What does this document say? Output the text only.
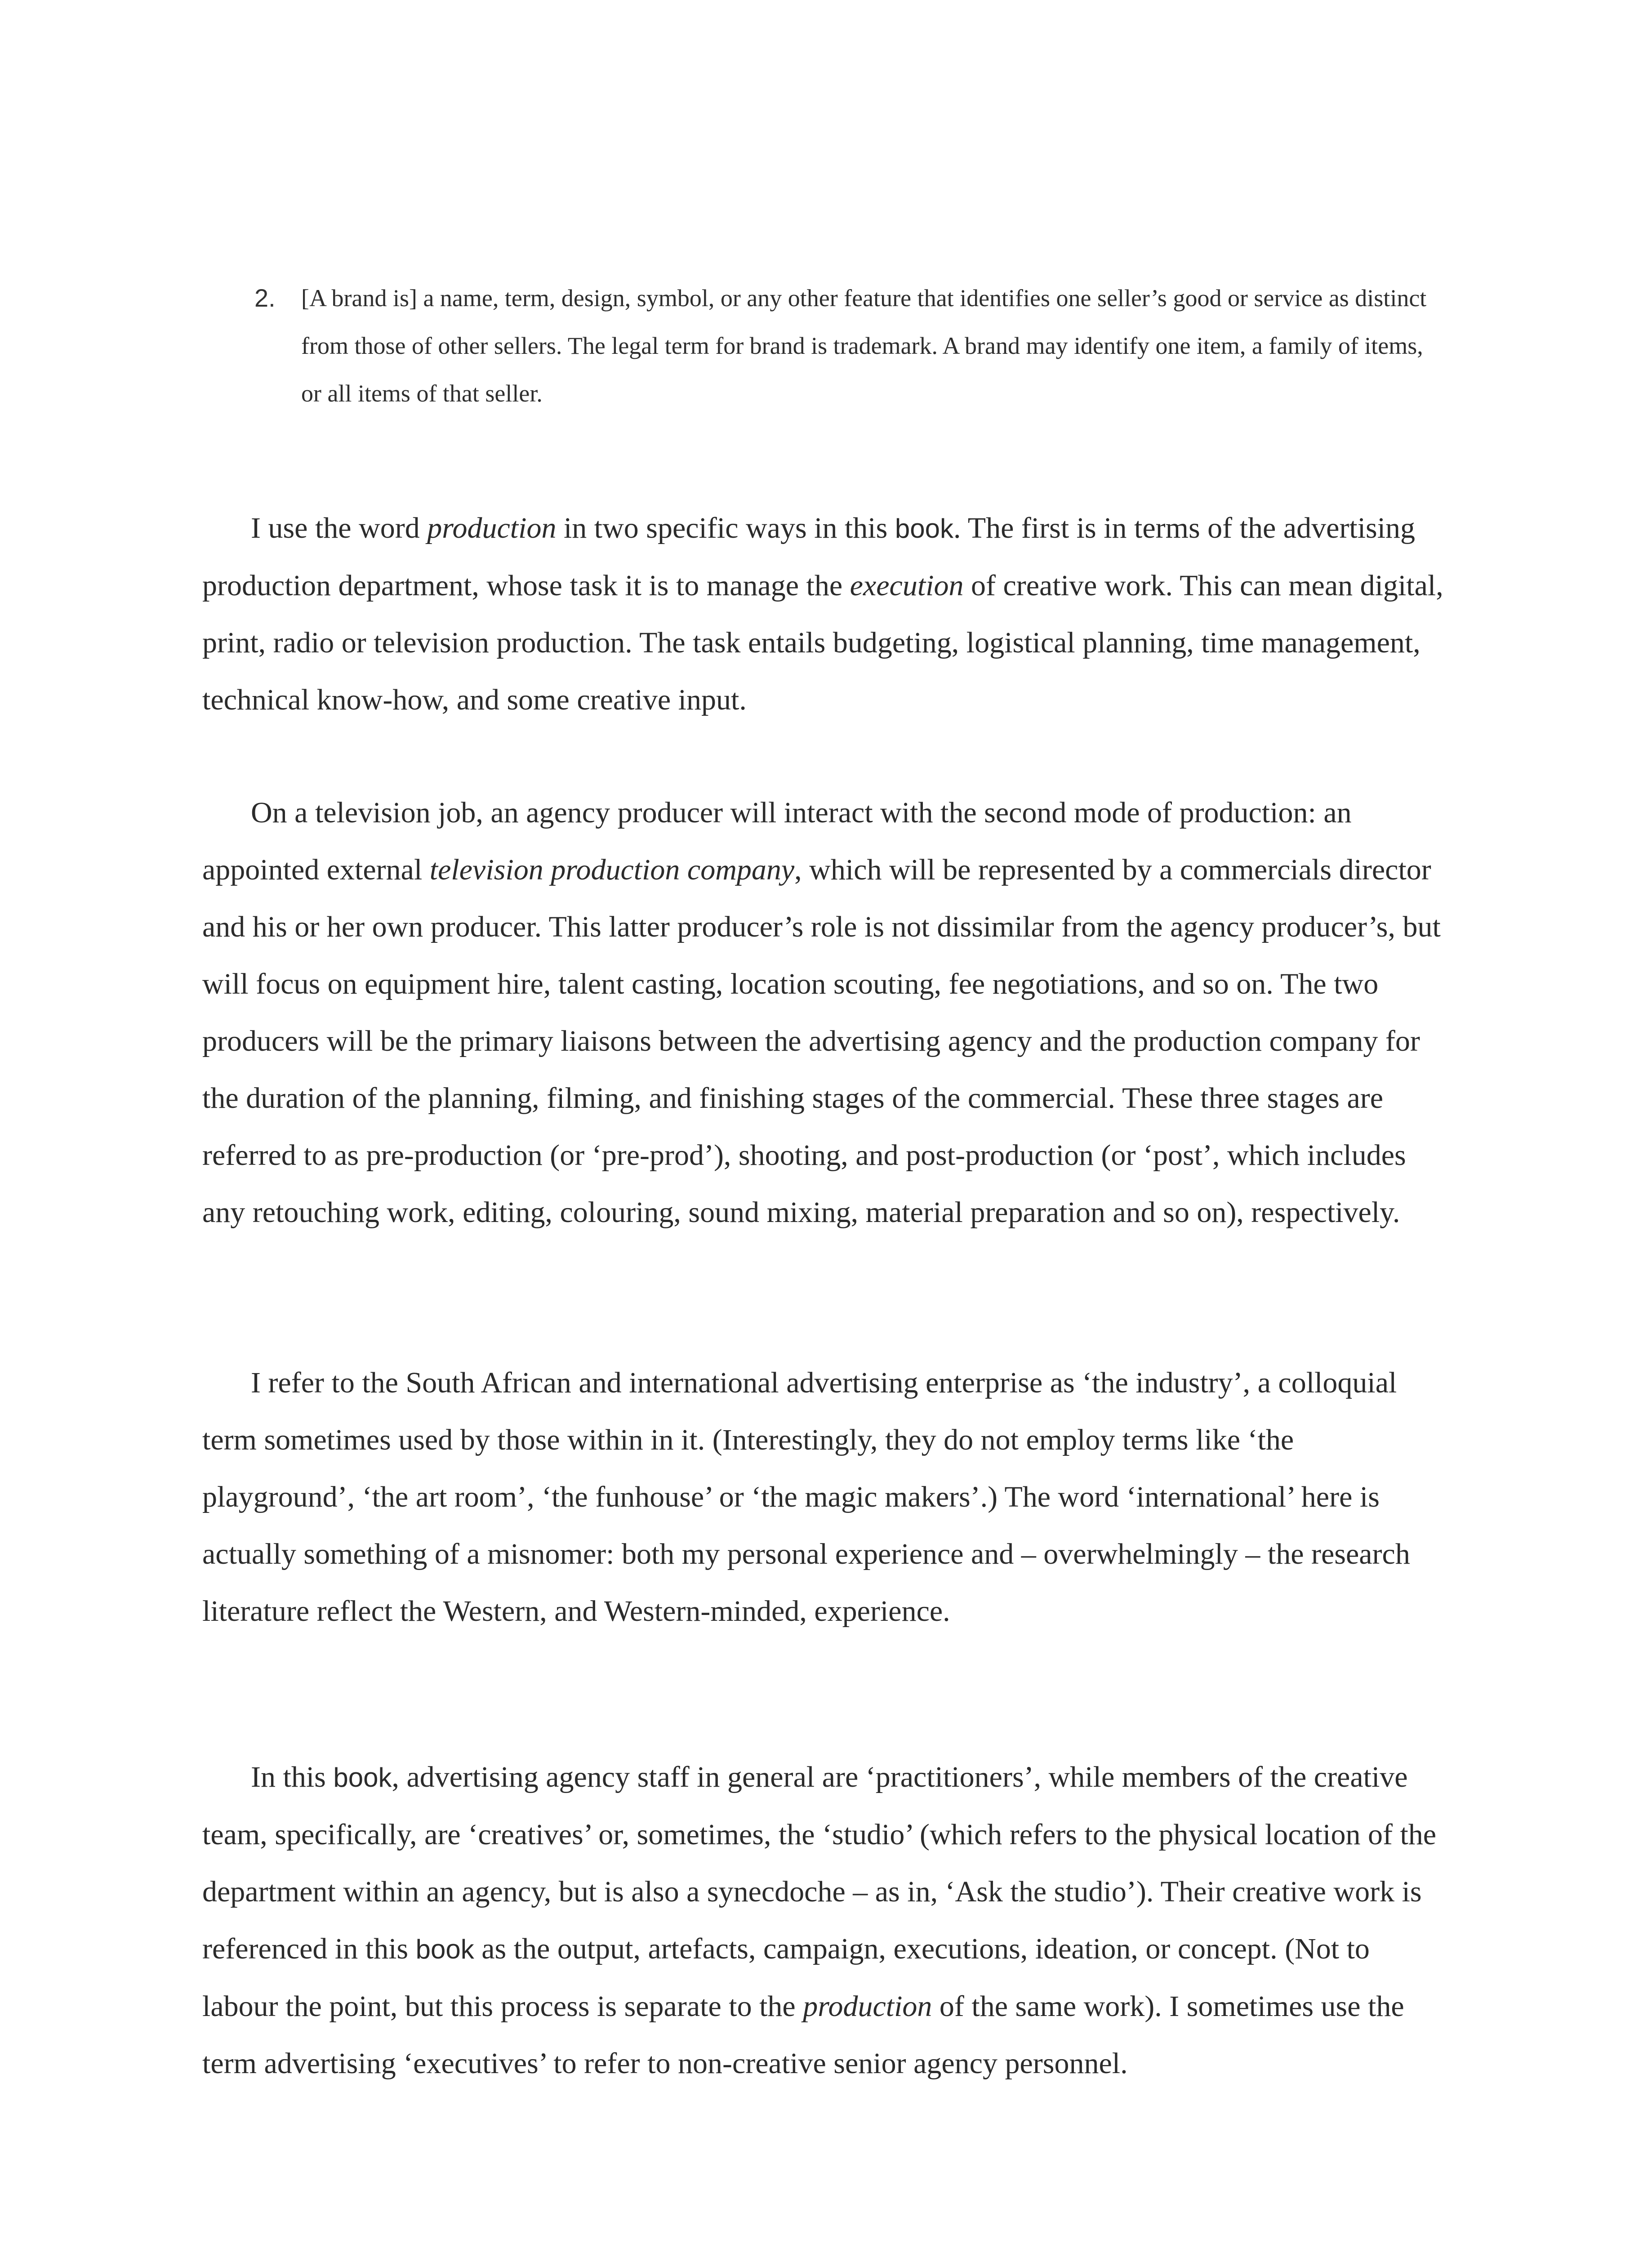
2. [A brand is] a name, term, design, symbol, or any other feature that identifies one seller’s good or service as distinct from those of other sellers. The legal term for brand is trademark. A brand may identify one item, a family of items, or all items of that seller.

I use the word production in two specific ways in this book. The first is in terms of the advertising production department, whose task it is to manage the execution of creative work. This can mean digital, print, radio or television production. The task entails budgeting, logistical planning, time management, technical know-how, and some creative input.

On a television job, an agency producer will interact with the second mode of production: an appointed external television production company, which will be represented by a commercials director and his or her own producer. This latter producer’s role is not dissimilar from the agency producer’s, but will focus on equipment hire, talent casting, location scouting, fee negotiations, and so on. The two producers will be the primary liaisons between the advertising agency and the production company for the duration of the planning, filming, and finishing stages of the commercial. These three stages are referred to as pre-production (or ‘pre-prod’), shooting, and post-production (or ‘post’, which includes any retouching work, editing, colouring, sound mixing, material preparation and so on), respectively.

I refer to the South African and international advertising enterprise as ‘the industry’, a colloquial term sometimes used by those within in it. (Interestingly, they do not employ terms like ‘the playground’, ‘the art room’, ‘the funhouse’ or ‘the magic makers’.) The word ‘international’ here is actually something of a misnomer: both my personal experience and – overwhelmingly – the research literature reflect the Western, and Western-minded, experience.

In this book, advertising agency staff in general are ‘practitioners’, while members of the creative team, specifically, are ‘creatives’ or, sometimes, the ‘studio’ (which refers to the physical location of the department within an agency, but is also a synecdoche – as in, ‘Ask the studio’). Their creative work is referenced in this book as the output, artefacts, campaign, executions, ideation, or concept. (Not to labour the point, but this process is separate to the production of the same work). I sometimes use the term advertising ‘executives’ to refer to non-creative senior agency personnel.
